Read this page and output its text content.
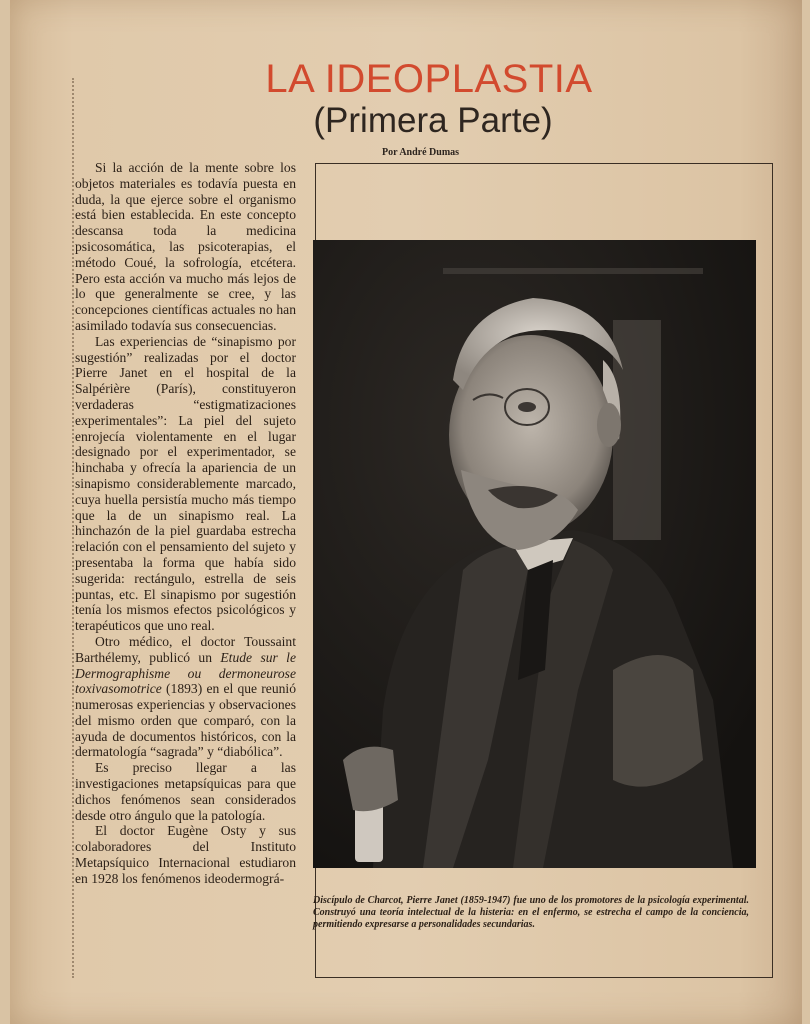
LA IDEOPLASTIA
(Primera Parte)
Por André Dumas

Si la acción de la mente sobre los objetos materiales es todavía puesta en duda, la que ejerce sobre el organismo está bien establecida. En este concepto descansa toda la medicina psicosomática, las psicoterapias, el método Coué, la sofrología, etcétera. Pero esta acción va mucho más lejos de lo que generalmente se cree, y las concepciones científicas actuales no han asimilado todavía sus consecuencias.

Las experiencias de “sinapismo por sugestión” realizadas por el doctor Pierre Janet en el hospital de la Salpérière (París), constituyeron verdaderas “estigmatizaciones experimentales”: La piel del sujeto enrojecía violentamente en el lugar designado por el experimentador, se hinchaba y ofrecía la apariencia de un sinapismo considerablemente marcado, cuya huella persistía mucho más tiempo que la de un sinapismo real. La hinchazón de la piel guardaba estrecha relación con el pensamiento del sujeto y presentaba la forma que había sido sugerida: rectángulo, estrella de seis puntas, etc. El sinapismo por sugestión tenía los mismos efectos psicológicos y terapéuticos que uno real.

Otro médico, el doctor Toussaint Barthélemy, publicó un Etude sur le Dermographisme ou dermoneurose toxivasomotrice (1893) en el que reunió numerosas experiencias y observaciones del mismo orden que comparó, con la ayuda de documentos históricos, con la dermatología “sagrada” y “diabólica”.

Es preciso llegar a las investigaciones metapsíquicas para que dichos fenómenos sean considerados desde otro ángulo que la patología.

El doctor Eugène Osty y sus colaboradores del Instituto Metapsíquico Internacional estudiaron en 1928 los fenómenos ideodermográ-

Discípulo de Charcot, Pierre Janet (1859-1947) fue uno de los promotores de la psicología experimental. Construyó una teoría intelectual de la histeria: en el enfermo, se estrecha el campo de la conciencia, permitiendo expresarse a personalidades secundarias.
